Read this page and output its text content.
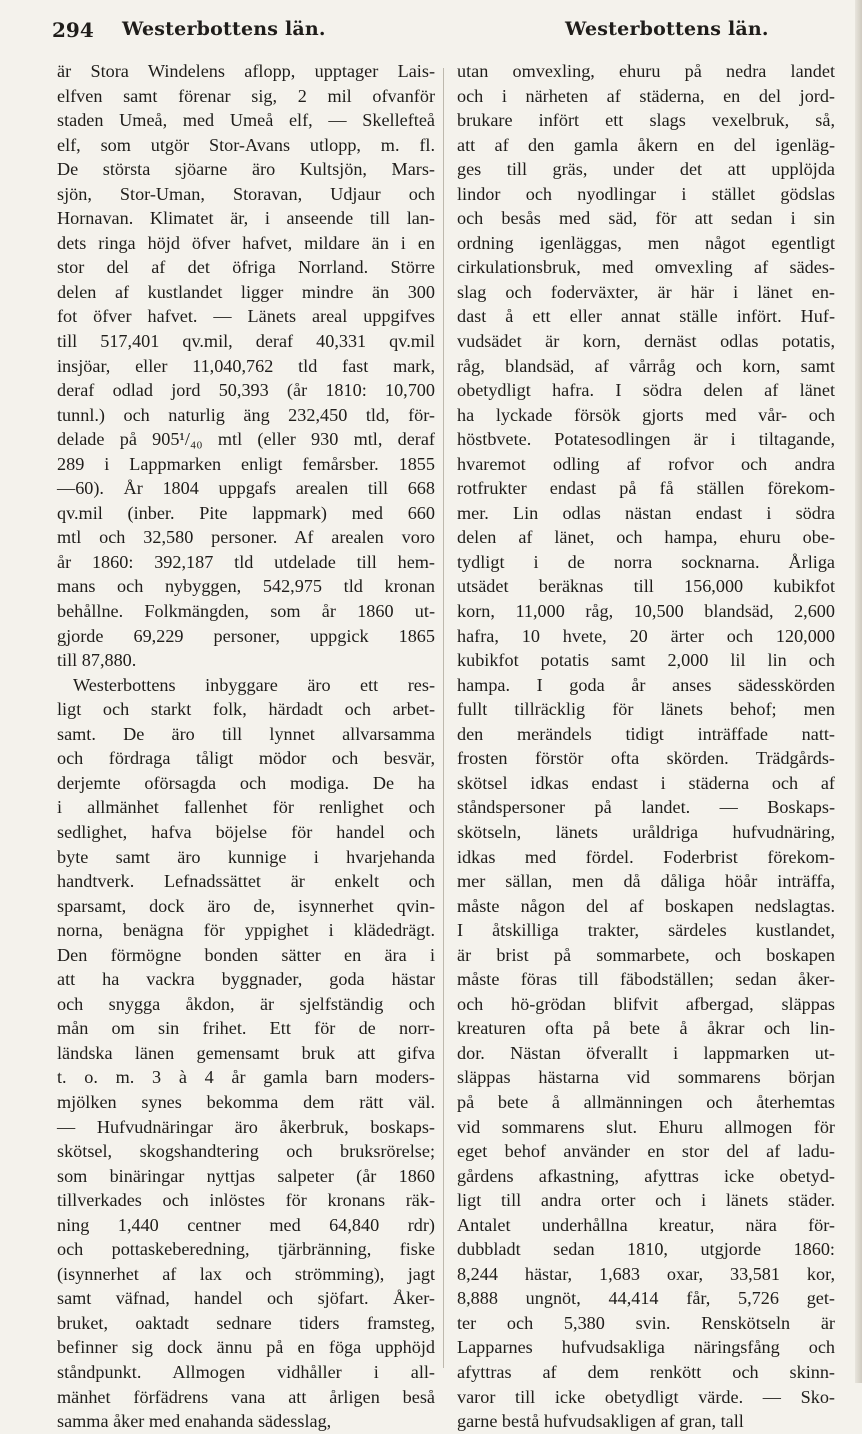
294 Westerbottens län.	Westerbottens län.
är Stora Windelens aflopp, upptager Lais-
elfven samt förenar sig, 2 mil ofvanför
staden Umeå, med Umeå elf, — Skellefteå
elf, som utgör Stor-Avans utlopp, m. fl.
De största sjöarne äro Kultsjön, Mars-
sjön, Stor-Uman, Storavan, Udjaur och
Hornavan. Klimatet är, i anseende till lan-
dets ringa höjd öfver hafvet, mildare än i en
stor del af det öfriga Norrland. Större
delen af kustlandet ligger mindre än 300
fot öfver hafvet. — Länets areal uppgifves
till 517,401 qv.mil, deraf 40,331 qv.mil
insjöar, eller 11,040,762 tld fast mark,
deraf odlad jord 50,393 (år 1810: 10,700
tunnl.) och naturlig äng 232,450 tld, för-
delade på 905¹/₄₀ mtl (eller 930 mtl, deraf
289 i Lappmarken enligt femårsber. 1855
—60). År 1804 uppgafs arealen till 668
qv.mil (inber. Pite lappmark) med 660
mtl och 32,580 personer. Af arealen voro
år 1860: 392,187 tld utdelade till hem-
mans och nybyggen, 542,975 tld kronan
behållne. Folkmängden, som år 1860 ut-
gjorde 69,229 personer, uppgick 1865
till 87,880.
Westerbottens inbyggare äro ett res-
ligt och starkt folk, härdadt och arbet-
samt. De äro till lynnet allvarsamma
och fördraga tåligt mödor och besvär,
derjemte oförsagda och modiga. De ha
i allmänhet fallenhet för renlighet och
sedlighet, hafva böjelse för handel och
byte samt äro kunnige i hvarjehanda
handtverk. Lefnadssättet är enkelt och
sparsamt, dock äro de, isynnerhet qvin-
norna, benägna för yppighet i klädedrägt.
Den förmögne bonden sätter en ära i
att ha vackra byggnader, goda hästar
och snygga åkdon, är sjelfständig och
mån om sin frihet. Ett för de norr-
ländska länen gemensamt bruk att gifva
t. o. m. 3 à 4 år gamla barn moders-
mjölken synes bekomma dem rätt väl.
— Hufvudnäringar äro åkerbruk, boskaps-
skötsel, skogshandtering och bruksrörelse;
som binäringar nyttjas salpeter (år 1860
tillverkades och inlöstes för kronans räk-
ning 1,440 centner med 64,840 rdr)
och pottaskeberedning, tjärbränning, fiske
(isynnerhet af lax och strömming), jagt
samt väfnad, handel och sjöfart. Åker-
bruket, oaktadt sednare tiders framsteg,
befinner sig dock ännu på en föga upphöjd
ståndpunkt. Allmogen vidhåller i all-
mänhet förfädrens vana att årligen beså
samma åker med enahanda sädesslag,
utan omvexling, ehuru på nedra landet
och i närheten af städerna, en del jord-
brukare infört ett slags vexelbruk, så,
att af den gamla åkern en del igenläg-
ges till gräs, under det att upplöjda
lindor och nyodlingar i stället gödslas
och besås med säd, för att sedan i sin
ordning igenläggas, men något egentligt
cirkulationsbruk, med omvexling af sädes-
slag och foderväxter, är här i länet en-
dast å ett eller annat ställe infört. Huf-
vudsädet är korn, dernäst odlas potatis,
råg, blandsäd, af vårråg och korn, samt
obetydligt hafra. I södra delen af länet
ha lyckade försök gjorts med vår- och
höstbvete. Potatesodlingen är i tiltagande,
hvaremot odling af rofvor och andra
rotfrukter endast på få ställen förekom-
mer. Lin odlas nästan endast i södra
delen af länet, och hampa, ehuru obe-
tydligt i de norra socknarna. Årliga
utsädet beräknas till 156,000 kubikfot
korn, 11,000 råg, 10,500 blandsäd, 2,600
hafra, 10 hvete, 20 ärter och 120,000
kubikfot potatis samt 2,000 lil lin och
hampa. I goda år anses sädesskörden
fullt tillräcklig för länets behof; men
den merändels tidigt inträffade natt-
frosten förstör ofta skörden. Trädgårds-
skötsel idkas endast i städerna och af
ståndspersoner på landet. — Boskaps-
skötseln, länets uråldriga hufvudnäring,
idkas med fördel. Foderbrist förekom-
mer sällan, men då dåliga höår inträffa,
måste någon del af boskapen nedslagtas.
I åtskilliga trakter, särdeles kustlandet,
är brist på sommarbete, och boskapen
måste föras till fäbodställen; sedan åker-
och hö-grödan blifvit afbergad, släppas
kreaturen ofta på bete å åkrar och lin-
dor. Nästan öfverallt i lappmarken ut-
släppas hästarna vid sommarens början
på bete å allmänningen och återhemtas
vid sommarens slut. Ehuru allmogen för
eget behof använder en stor del af ladu-
gårdens afkastning, afyttras icke obetyd-
ligt till andra orter och i länets städer.
Antalet underhållna kreatur, nära för-
dubbladt sedan 1810, utgjorde 1860:
8,244 hästar, 1,683 oxar, 33,581 kor,
8,888 ungnöt, 44,414 får, 5,726 get-
ter och 5,380 svin. Renskötseln är
Lapparnes hufvudsakliga näringsfång och
afyttras af dem renkött och skinn-
varor till icke obetydligt värde. — Sko-
garne bestå hufvudsakligen af gran, tall
